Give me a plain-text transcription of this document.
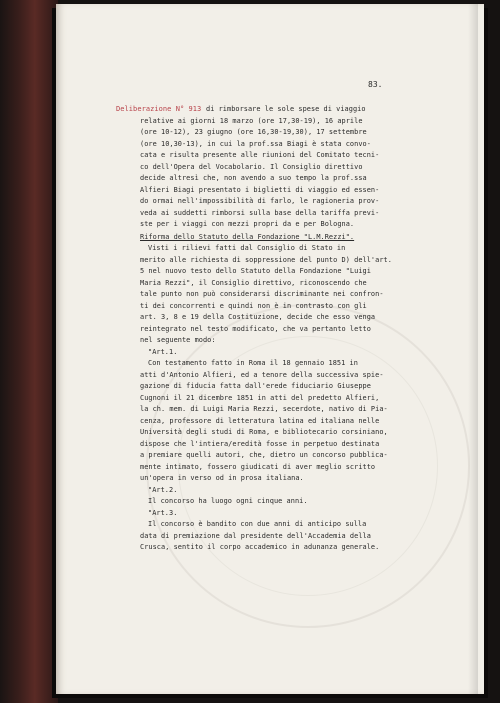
83.
Deliberazione N° 913 di rimborsare le sole spese di viaggio
relative ai giorni 18 marzo (ore 17,30-19), 16 aprile
(ore 10-12), 23 giugno (ore 16,30-19,30), 17 settembre
(ore 10,30-13), in cui la prof.ssa Biagi è stata convo-
cata e risulta presente alle riunioni del Comitato tecni-
co dell'Opera del Vocabolario. Il Consiglio direttivo
decide altresì che, non avendo a suo tempo la prof.ssa
Alfieri Biagi presentato i biglietti di viaggio ed essen-
do ormai nell'impossibilità di farlo, le ragioneria prov-
veda ai suddetti rimborsi sulla base della tariffa previ-
ste per i viaggi con mezzi propri da e per Bologna.
Riforma dello Statuto della Fondazione "L.M.Rezzi".
Visti i rilievi fatti dal Consiglio di Stato in
merito alle richiesta di soppressione del punto D) dell'art.
5 nel nuovo testo dello Statuto della Fondazione "Luigi
Maria Rezzi", il Consiglio direttivo, riconoscendo che
tale punto non può considerarsi discriminante nei confron-
ti dei concorrenti e quindi non è in contrasto con gli
art. 3, 8 e 19 della Costituzione, decide che esso venga
reintegrato nel testo modificato, che va pertanto letto
nel seguente modo:
"Art.1.
Con testamento fatto in Roma il 18 gennaio 1851 in
atti d'Antonio Alfieri, ed a tenore della successiva spie-
gazione di fiducia fatta dall'erede fiduciario Giuseppe
Cugnoni il 21 dicembre 1851 in atti del predetto Alfieri,
la ch. mem. di Luigi Maria Rezzi, secerdote, nativo di Pia-
cenza, professore di letteratura latina ed italiana nelle
Università degli studi di Roma, e bibliotecario corsiniano,
dispose che l'intiera/eredità fosse in perpetuo destinata
a premiare quelli autori, che, dietro un concorso pubblica-
mente intimato, fossero giudicati di aver meglio scritto
un'opera in verso od in prosa italiana.
"Art.2.
Il concorso ha luogo ogni cinque anni.
"Art.3.
Il concorso è bandito con due anni di anticipo sulla
data di premiazione dal presidente dell'Accademia della
Crusca, sentito il corpo accademico in adunanza generale.
